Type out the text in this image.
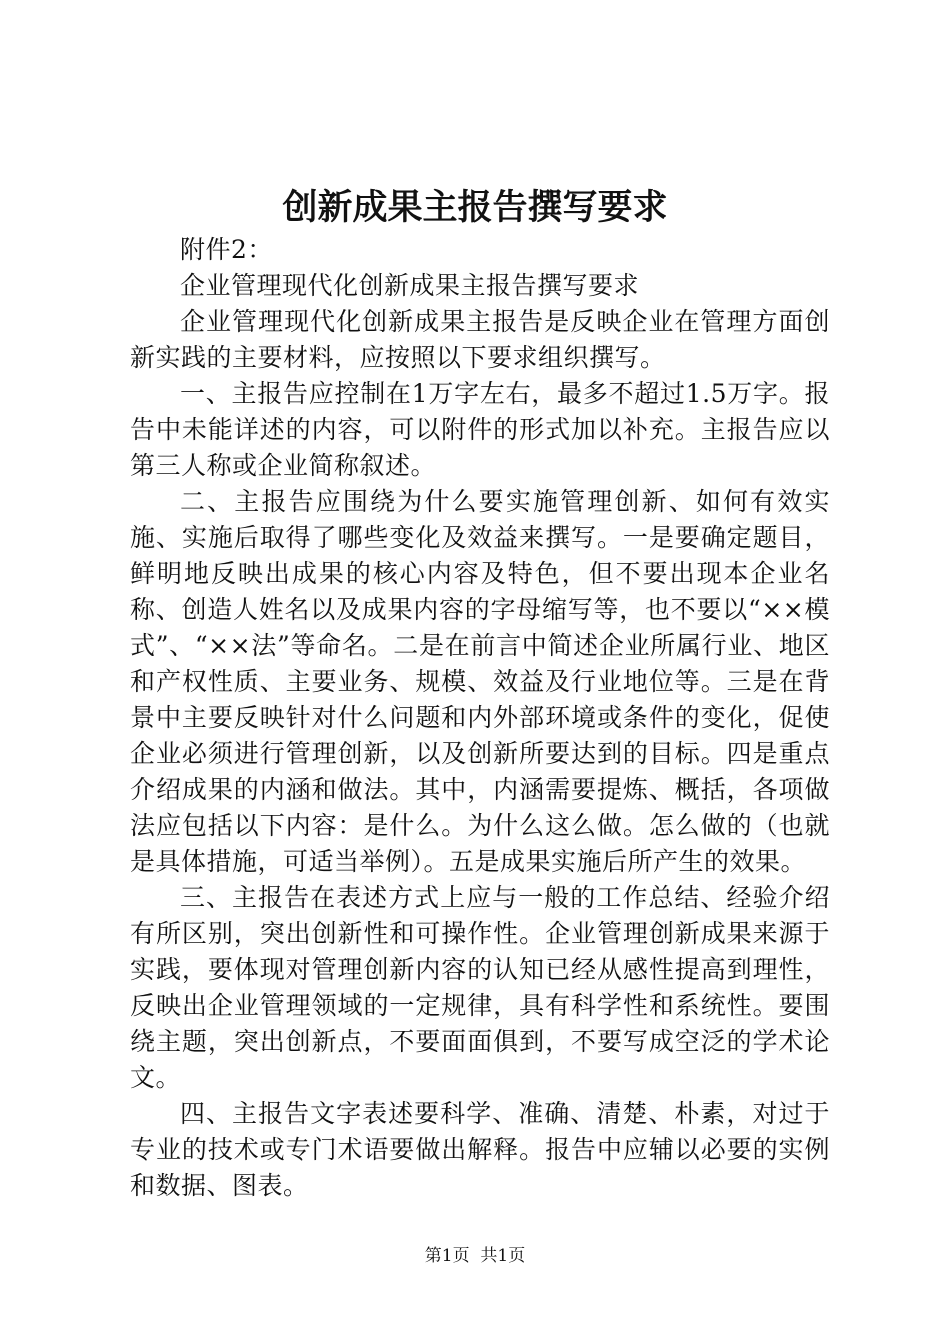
创新成果主报告撰写要求

附件2：

企业管理现代化创新成果主报告撰写要求

企业管理现代化创新成果主报告是反映企业在管理方面创新实践的主要材料，应按照以下要求组织撰写。

一、主报告应控制在1万字左右，最多不超过1.5万字。报告中未能详述的内容，可以附件的形式加以补充。主报告应以第三人称或企业简称叙述。

二、主报告应围绕为什么要实施管理创新、如何有效实施、实施后取得了哪些变化及效益来撰写。一是要确定题目，鲜明地反映出成果的核心内容及特色，但不要出现本企业名称、创造人姓名以及成果内容的字母缩写等，也不要以“××模式”、“××法”等命名。二是在前言中简述企业所属行业、地区和产权性质、主要业务、规模、效益及行业地位等。三是在背景中主要反映针对什么问题和内外部环境或条件的变化，促使企业必须进行管理创新，以及创新所要达到的目标。四是重点介绍成果的内涵和做法。其中，内涵需要提炼、概括，各项做法应包括以下内容：是什么。为什么这么做。怎么做的（也就是具体措施，可适当举例）。五是成果实施后所产生的效果。

三、主报告在表述方式上应与一般的工作总结、经验介绍有所区别，突出创新性和可操作性。企业管理创新成果来源于实践，要体现对管理创新内容的认知已经从感性提高到理性，反映出企业管理领域的一定规律，具有科学性和系统性。要围绕主题，突出创新点，不要面面俱到，不要写成空泛的学术论文。

四、主报告文字表述要科学、准确、清楚、朴素，对过于专业的技术或专门术语要做出解释。报告中应辅以必要的实例和数据、图表。

第1页 共1页
